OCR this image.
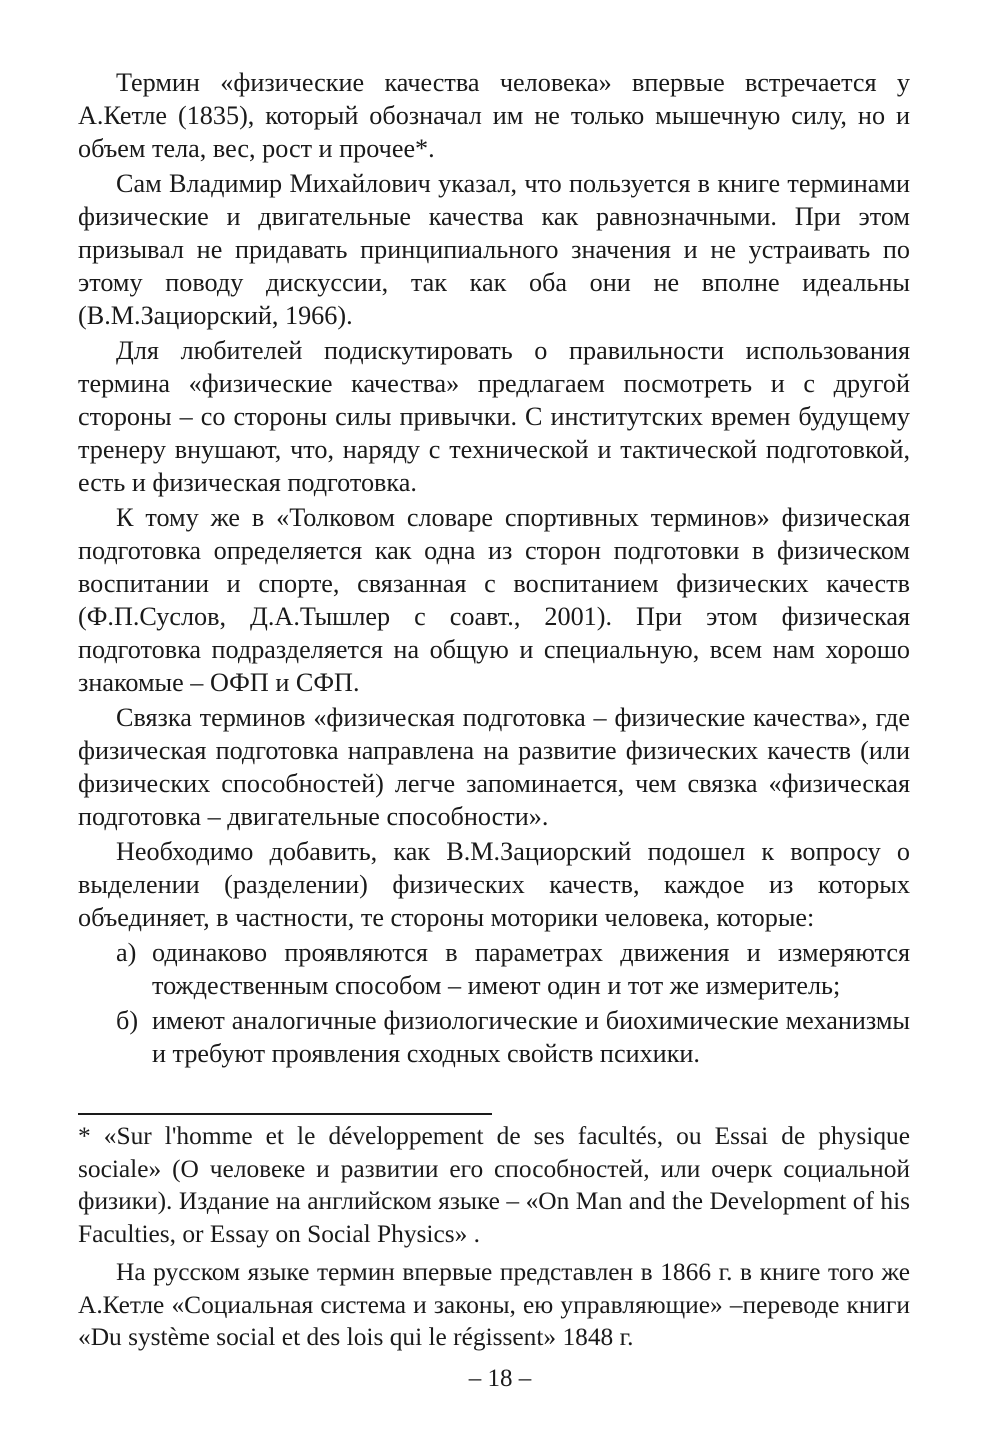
Термин «физические качества человека» впервые встречается у А.Кетле (1835), который обозначал им не только мышечную силу, но и объем тела, вес, рост и прочее*.

Сам Владимир Михайлович указал, что пользуется в книге терминами физические и двигательные качества как равнозначными. При этом призывал не придавать принципиального значения и не устраивать по этому поводу дискуссии, так как оба они не вполне идеальны (В.М.Зациорский, 1966).

Для любителей подискутировать о правильности использования термина «физические качества» предлагаем посмотреть и с другой стороны – со стороны силы привычки. С институтских времен будущему тренеру внушают, что, наряду с технической и тактической подготовкой, есть и физическая подготовка.

К тому же в «Толковом словаре спортивных терминов» физическая подготовка определяется как одна из сторон подготовки в физическом воспитании и спорте, связанная с воспитанием физических качеств (Ф.П.Суслов, Д.А.Тышлер с соавт., 2001). При этом физическая подготовка подразделяется на общую и специальную, всем нам хорошо знакомые – ОФП и СФП.

Связка терминов «физическая подготовка – физические качества», где физическая подготовка направлена на развитие физических качеств (или физических способностей) легче запоминается, чем связка «физическая подготовка – двигательные способности».

Необходимо добавить, как В.М.Зациорский подошел к вопросу о выделении (разделении) физических качеств, каждое из которых объединяет, в частности, те стороны моторики человека, которые:

а) одинаково проявляются в параметрах движения и измеряются тождественным способом – имеют один и тот же измеритель;

б) имеют аналогичные физиологические и биохимические механизмы и требуют проявления сходных свойств психики.

* «Sur l'homme et le développement de ses facultés, ou Essai de physique sociale» (О человеке и развитии его способностей, или очерк социальной физики). Издание на английском языке – «On Man and the Development of his Faculties, or Essay on Social Physics» .

На русском языке термин впервые представлен в 1866 г. в книге того же А.Кетле «Социальная система и законы, ею управляющие» –переводе книги «Du système social et des lois qui le régissent» 1848 г.

– 18 –
